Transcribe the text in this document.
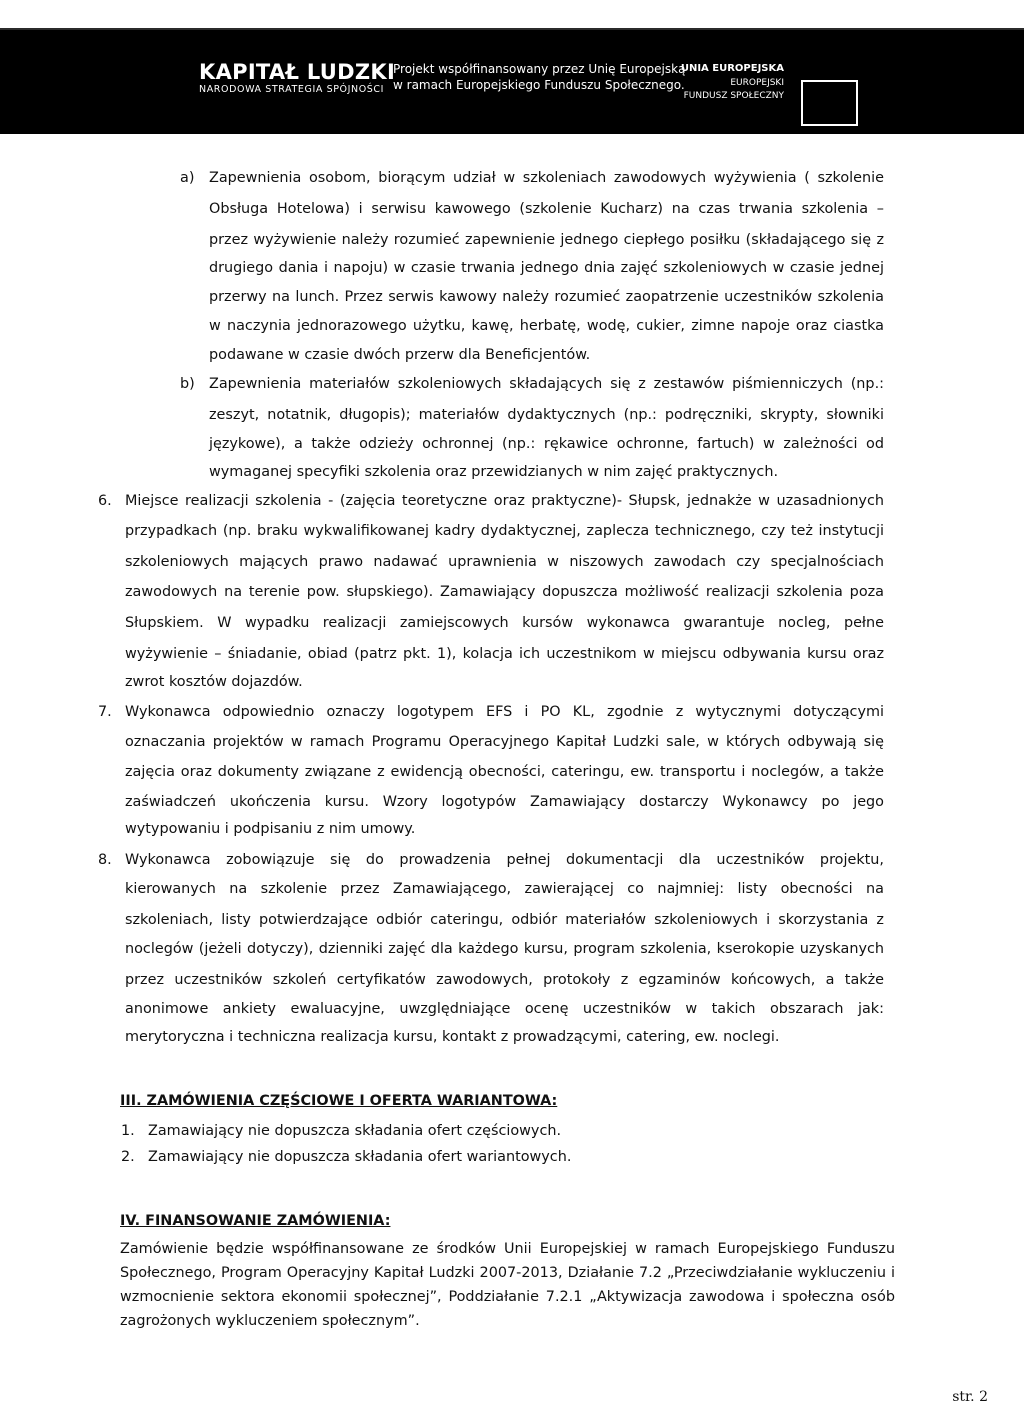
KAPITAŁ LUDZKI
NARODOWA STRATEGIA SPÓJNOŚCI
Projekt współfinansowany przez Unię Europejską
w ramach Europejskiego Funduszu Społecznego.
UNIA EUROPEJSKA
EUROPEJSKI
FUNDUSZ SPOŁECZNY
a) Zapewnienia osobom, biorącym udział w szkoleniach zawodowych wyżywienia ( szkolenie
Obsługa Hotelowa) i serwisu kawowego (szkolenie Kucharz) na czas trwania szkolenia –
przez wyżywienie należy rozumieć zapewnienie jednego ciepłego posiłku (składającego się z
drugiego dania i napoju) w czasie trwania jednego dnia zajęć szkoleniowych w czasie jednej
przerwy na lunch. Przez serwis kawowy należy rozumieć zaopatrzenie uczestników szkolenia
w naczynia jednorazowego użytku, kawę, herbatę, wodę, cukier, zimne napoje oraz ciastka
podawane w czasie dwóch przerw dla Beneficjentów.
b) Zapewnienia materiałów szkoleniowych składających się z zestawów piśmienniczych (np.:
zeszyt, notatnik, długopis); materiałów dydaktycznych (np.: podręczniki, skrypty, słowniki
językowe), a także odzieży ochronnej (np.: rękawice ochronne, fartuch) w zależności od
wymaganej specyfiki szkolenia oraz przewidzianych w nim zajęć praktycznych.
6. Miejsce realizacji szkolenia - (zajęcia teoretyczne oraz praktyczne)- Słupsk, jednakże w uzasadnionych
przypadkach (np. braku wykwalifikowanej kadry dydaktycznej, zaplecza technicznego, czy też instytucji
szkoleniowych mających prawo nadawać uprawnienia w niszowych zawodach czy specjalnościach
zawodowych na terenie pow. słupskiego). Zamawiający dopuszcza możliwość realizacji szkolenia poza
Słupskiem. W wypadku realizacji zamiejscowych kursów wykonawca gwarantuje nocleg, pełne
wyżywienie – śniadanie, obiad (patrz pkt. 1), kolacja ich uczestnikom w miejscu odbywania kursu oraz
zwrot kosztów dojazdów.
7. Wykonawca odpowiednio oznaczy logotypem EFS i PO KL, zgodnie z wytycznymi dotyczącymi
oznaczania projektów w ramach Programu Operacyjnego Kapitał Ludzki sale, w których odbywają się
zajęcia oraz dokumenty związane z ewidencją obecności, cateringu, ew. transportu i noclegów, a także
zaświadczeń ukończenia kursu. Wzory logotypów Zamawiający dostarczy Wykonawcy po jego
wytypowaniu i podpisaniu z nim umowy.
8. Wykonawca zobowiązuje się do prowadzenia pełnej dokumentacji dla uczestników projektu,
kierowanych na szkolenie przez Zamawiającego, zawierającej co najmniej: listy obecności na
szkoleniach, listy potwierdzające odbiór cateringu, odbiór materiałów szkoleniowych i skorzystania z
noclegów (jeżeli dotyczy), dzienniki zajęć dla każdego kursu, program szkolenia, kserokopie uzyskanych
przez uczestników szkoleń certyfikatów zawodowych, protokoły z egzaminów końcowych, a także
anonimowe ankiety ewaluacyjne, uwzględniające ocenę uczestników w takich obszarach jak:
merytoryczna i techniczna realizacja kursu, kontakt z prowadzącymi, catering, ew. noclegi.
III. ZAMÓWIENIA CZĘŚCIOWE I OFERTA WARIANTOWA:
1. Zamawiający nie dopuszcza składania ofert częściowych.
2. Zamawiający nie dopuszcza składania ofert wariantowych.
IV. FINANSOWANIE ZAMÓWIENIA:
Zamówienie będzie współfinansowane ze środków Unii Europejskiej w ramach Europejskiego Funduszu
Społecznego, Program Operacyjny Kapitał Ludzki 2007-2013, Działanie 7.2 „Przeciwdziałanie wykluczeniu i
wzmocnienie sektora ekonomii społecznej”, Poddziałanie 7.2.1 „Aktywizacja zawodowa i społeczna osób
zagrożonych wykluczeniem społecznym”.
str. 2
